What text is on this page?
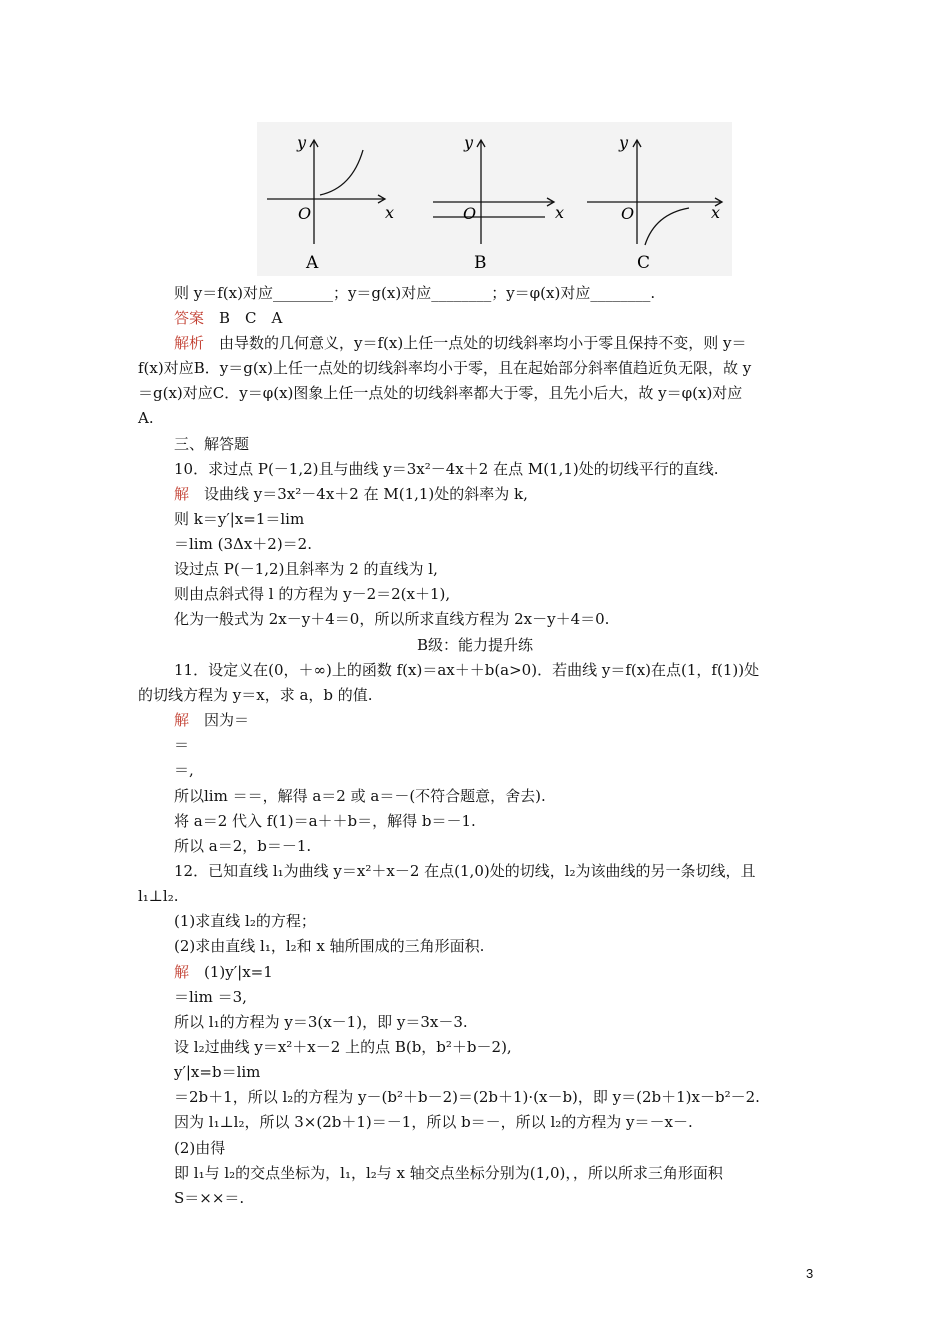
y
x
O
A
y
x
O
B
y
x
O
C
则 y＝f(x)对应________；y＝g(x)对应________；y＝φ(x)对应________.
答案　B　C　A
解析　由导数的几何意义，y＝f(x)上任一点处的切线斜率均小于零且保持不变，则 y＝
f(x)对应B．y＝g(x)上任一点处的切线斜率均小于零，且在起始部分斜率值趋近负无限，故 y
＝g(x)对应C．y＝φ(x)图象上任一点处的切线斜率都大于零，且先小后大，故 y＝φ(x)对应
A.
三、解答题
10．求过点 P(－1,2)且与曲线 y＝3x²－4x＋2 在点 M(1,1)处的切线平行的直线.
解　设曲线 y＝3x²－4x＋2 在 M(1,1)处的斜率为 k,
则 k＝y′|x=1＝lim
＝lim (3Δx＋2)＝2.
设过点 P(－1,2)且斜率为 2 的直线为 l,
则由点斜式得 l 的方程为 y－2＝2(x＋1),
化为一般式为 2x－y＋4＝0，所以所求直线方程为 2x－y＋4＝0.
B级：能力提升练
11．设定义在(0，＋∞)上的函数 f(x)＝ax＋＋b(a>0)．若曲线 y＝f(x)在点(1，f(1))处
的切线方程为 y＝x，求 a，b 的值.
解　因为＝
＝
＝,
所以lim ＝＝，解得 a＝2 或 a＝－(不符合题意，舍去).
将 a＝2 代入 f(1)＝a＋＋b＝，解得 b＝－1.
所以 a＝2，b＝－1.
12．已知直线 l₁为曲线 y＝x²＋x－2 在点(1,0)处的切线，l₂为该曲线的另一条切线，且
l₁⊥l₂.
(1)求直线 l₂的方程；
(2)求由直线 l₁，l₂和 x 轴所围成的三角形面积.
解　(1)y′|x=1
＝lim ＝3,
所以 l₁的方程为 y＝3(x－1)，即 y＝3x－3.
设 l₂过曲线 y＝x²＋x－2 上的点 B(b，b²＋b－2),
y′|x=b＝lim
＝2b＋1，所以 l₂的方程为 y－(b²＋b－2)＝(2b＋1)·(x－b)，即 y＝(2b＋1)x－b²－2.
因为 l₁⊥l₂，所以 3×(2b＋1)＝－1，所以 b＝－，所以 l₂的方程为 y＝－x－.
(2)由得
即 l₁与 l₂的交点坐标为，l₁，l₂与 x 轴交点坐标分别为(1,0)，，所以所求三角形面积
S＝××＝.
3
